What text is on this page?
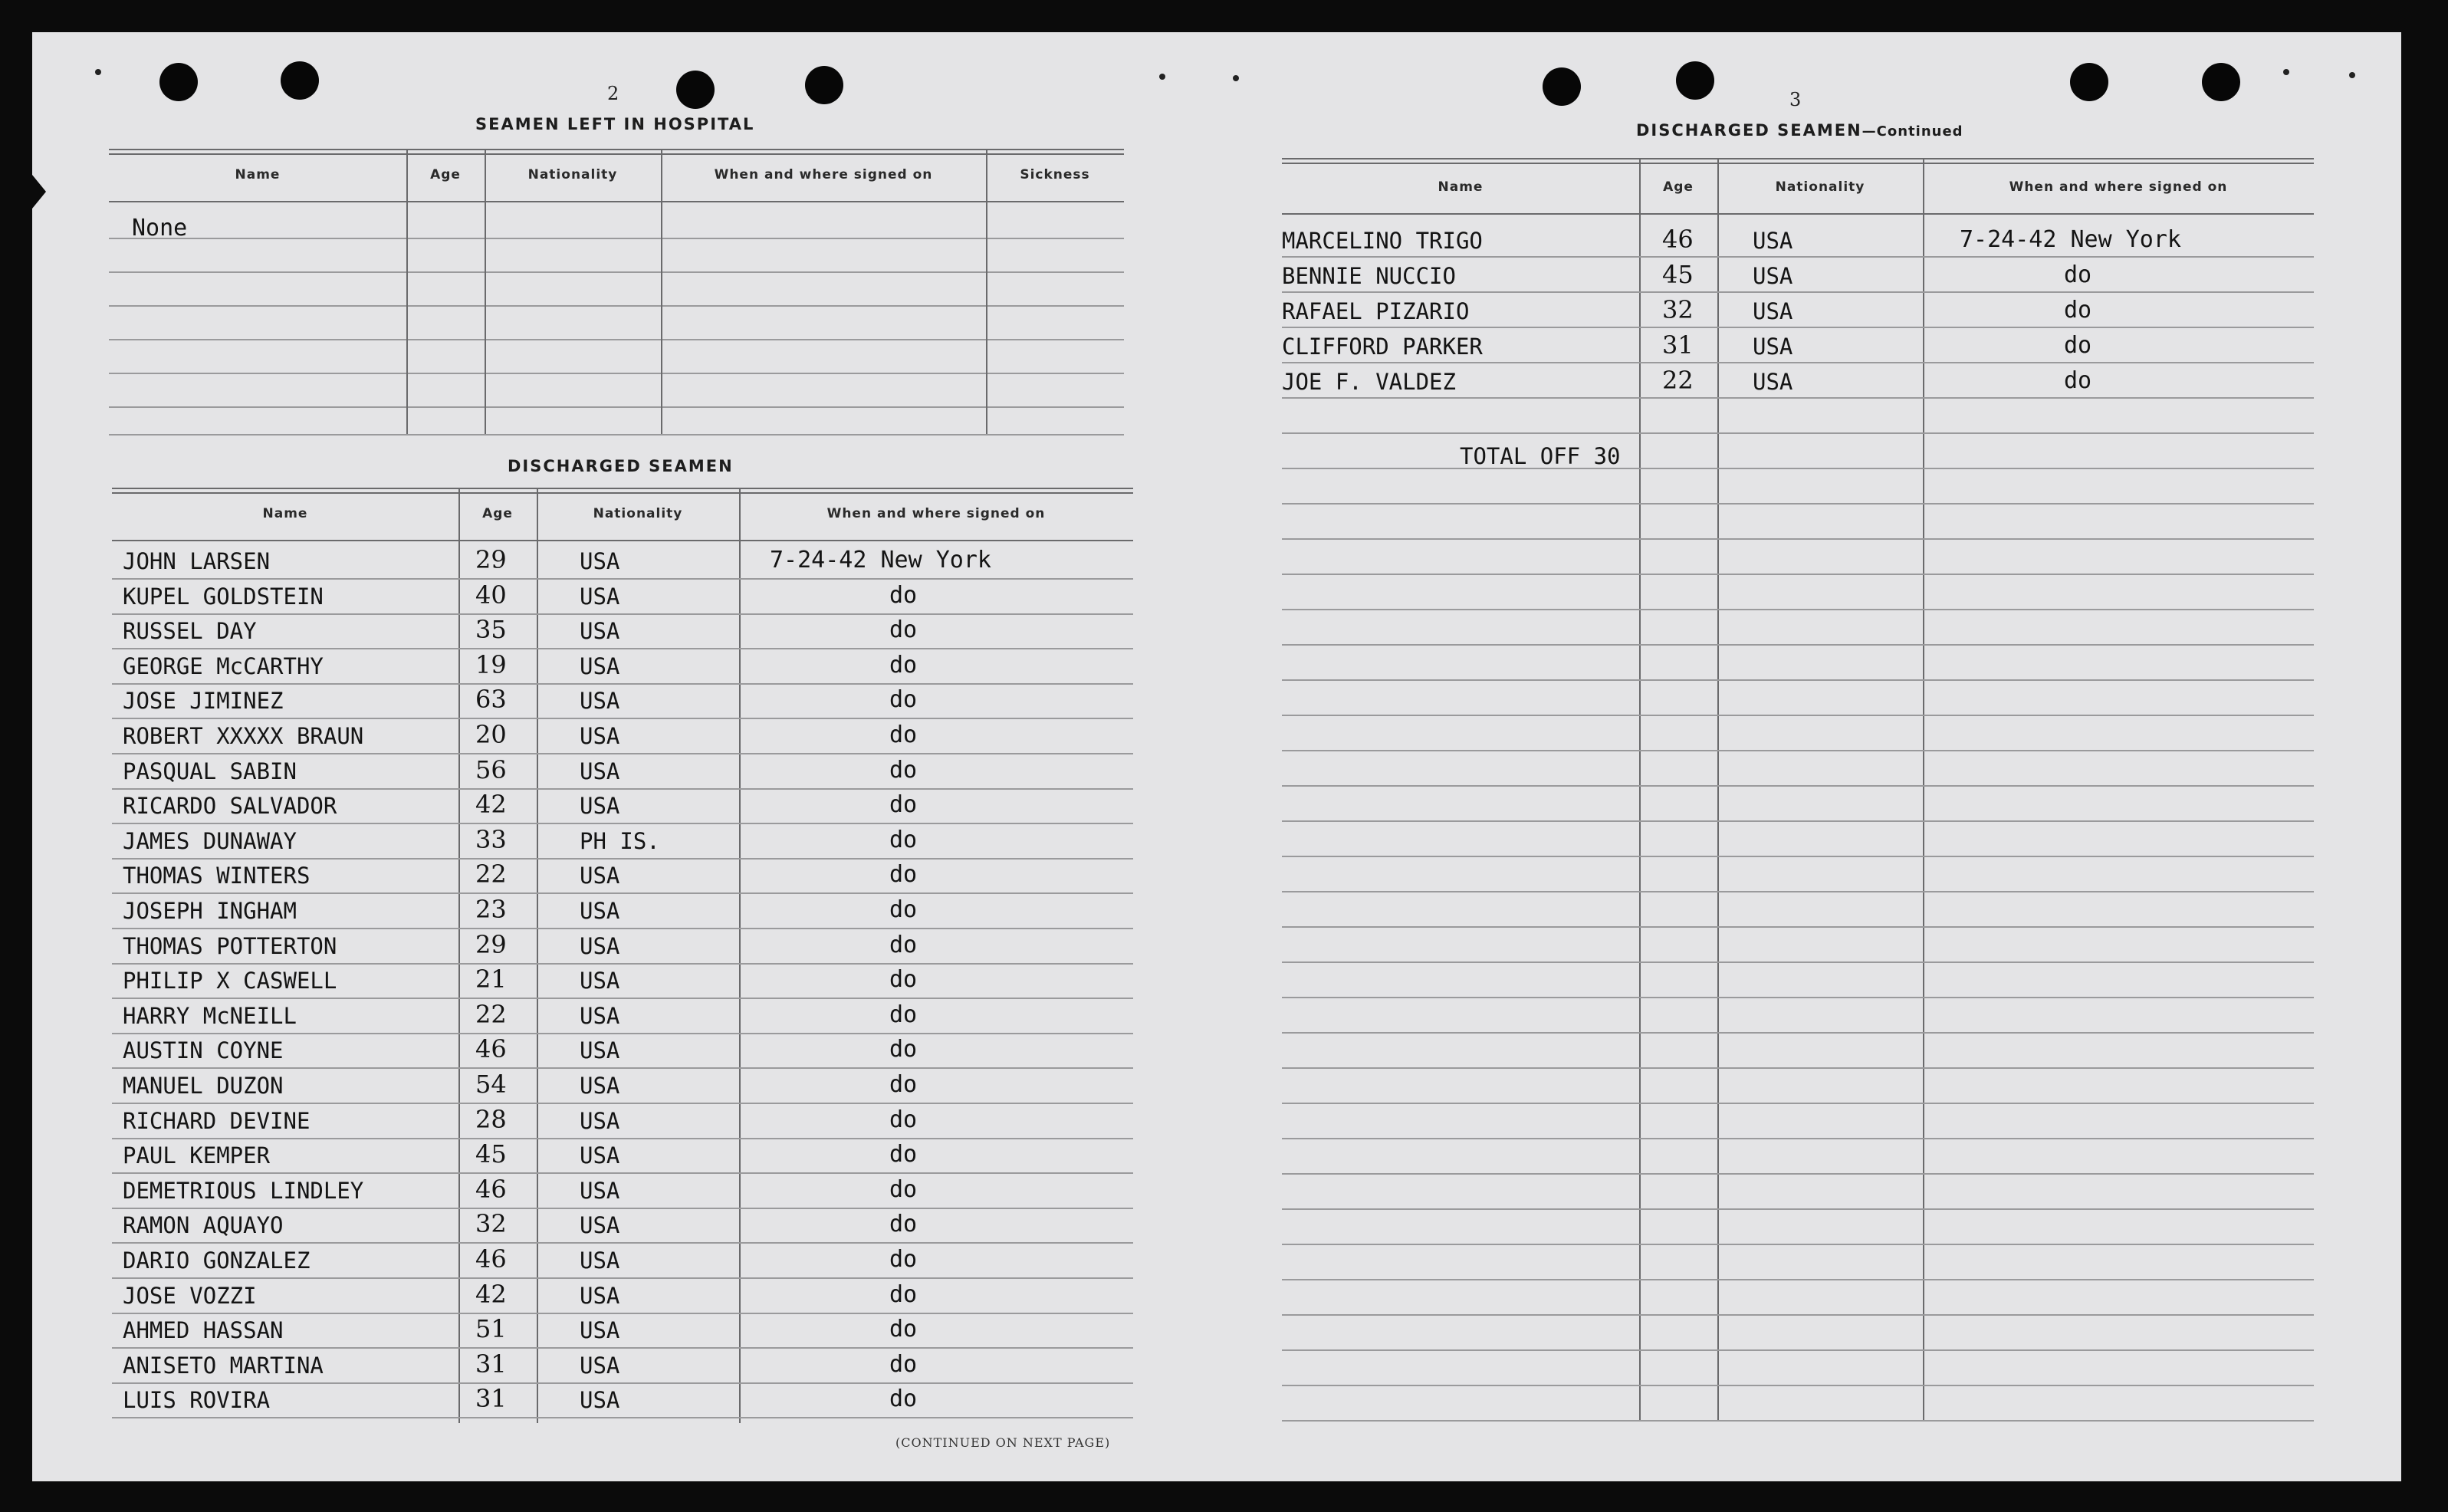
2
SEAMEN LEFT IN HOSPITAL
Name	Age	Nationality	When and where signed on	Sickness
None
DISCHARGED SEAMEN
Name	Age	Nationality	When and where signed on
JOHN LARSEN	29	USA	7-24-42 New York
KUPEL GOLDSTEIN	40	USA	do
RUSSEL DAY	35	USA	do
GEORGE McCARTHY	19	USA	do
JOSE JIMINEZ	63	USA	do
ROBERT XXXXX BRAUN	20	USA	do
PASQUAL SABIN	56	USA	do
RICARDO SALVADOR	42	USA	do
JAMES DUNAWAY	33	PH IS.	do
THOMAS WINTERS	22	USA	do
JOSEPH INGHAM	23	USA	do
THOMAS POTTERTON	29	USA	do
PHILIP X CASWELL	21	USA	do
HARRY McNEILL	22	USA	do
AUSTIN COYNE	46	USA	do
MANUEL DUZON	54	USA	do
RICHARD DEVINE	28	USA	do
PAUL KEMPER	45	USA	do
DEMETRIOUS LINDLEY	46	USA	do
RAMON AQUAYO	32	USA	do
DARIO GONZALEZ	46	USA	do
JOSE VOZZI	42	USA	do
AHMED HASSAN	51	USA	do
ANISETO MARTINA	31	USA	do
LUIS ROVIRA	31	USA	do
(CONTINUED ON NEXT PAGE)
3
DISCHARGED SEAMEN—Continued
Name	Age	Nationality	When and where signed on
MARCELINO TRIGO	46	USA	7-24-42 New York
BENNIE NUCCIO	45	USA	do
RAFAEL PIZARIO	32	USA	do
CLIFFORD PARKER	31	USA	do
JOE F. VALDEZ	22	USA	do
TOTAL OFF 30
